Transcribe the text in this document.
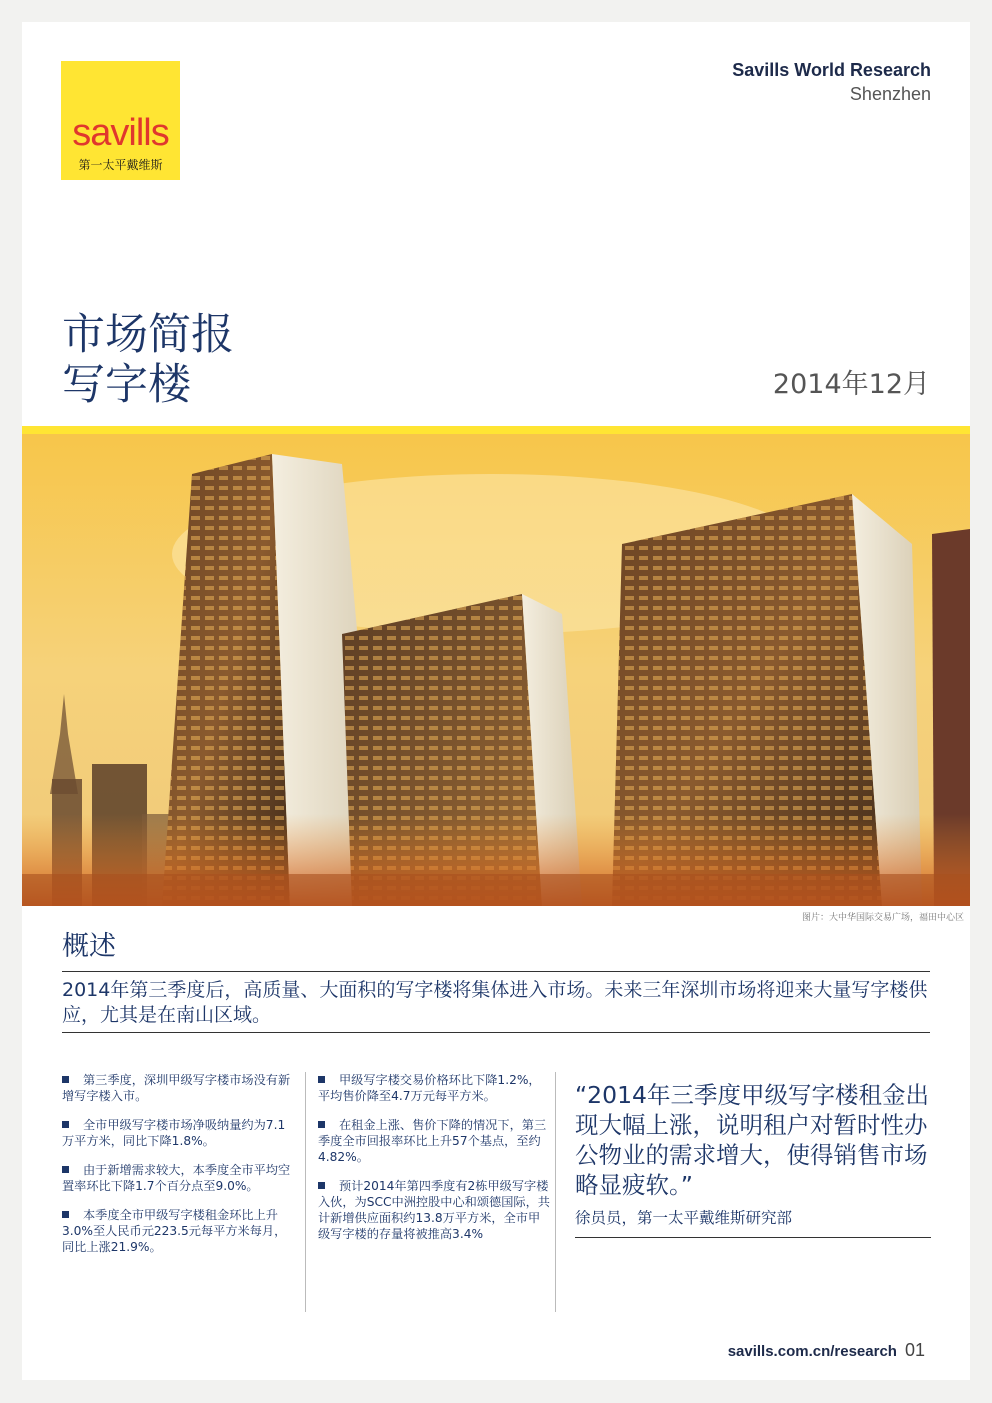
savills
第一太平戴维斯
Savills World Research
Shenzhen
市场简报
写字楼	2014年12月
图片：大中华国际交易广场，福田中心区
概述
2014年第三季度后，高质量、大面积的写字楼将集体进入市场。未来三年深圳市场将迎来大量写字楼供应，尤其是在南山区域。

第三季度，深圳甲级写字楼市场没有新增写字楼入市。

全市甲级写字楼市场净吸纳量约为7.1万平方米，同比下降1.8%。

由于新增需求较大，本季度全市平均空置率环比下降1.7个百分点至9.0%。

本季度全市甲级写字楼租金环比上升3.0%至人民币元223.5元每平方米每月，同比上涨21.9%。

甲级写字楼交易价格环比下降1.2%，平均售价降至4.7万元每平方米。

在租金上涨、售价下降的情况下，第三季度全市回报率环比上升57个基点，至约4.82%。

预计2014年第四季度有2栋甲级写字楼入伙，为SCC中洲控股中心和颂德国际，共计新增供应面积约13.8万平方米，全市甲级写字楼的存量将被推高3.4%

“2014年三季度甲级写字楼租金出现大幅上涨，说明租户对暂时性办公物业的需求增大，使得销售市场略显疲软。”
徐员员，第一太平戴维斯研究部
savills.com.cn/research 01
